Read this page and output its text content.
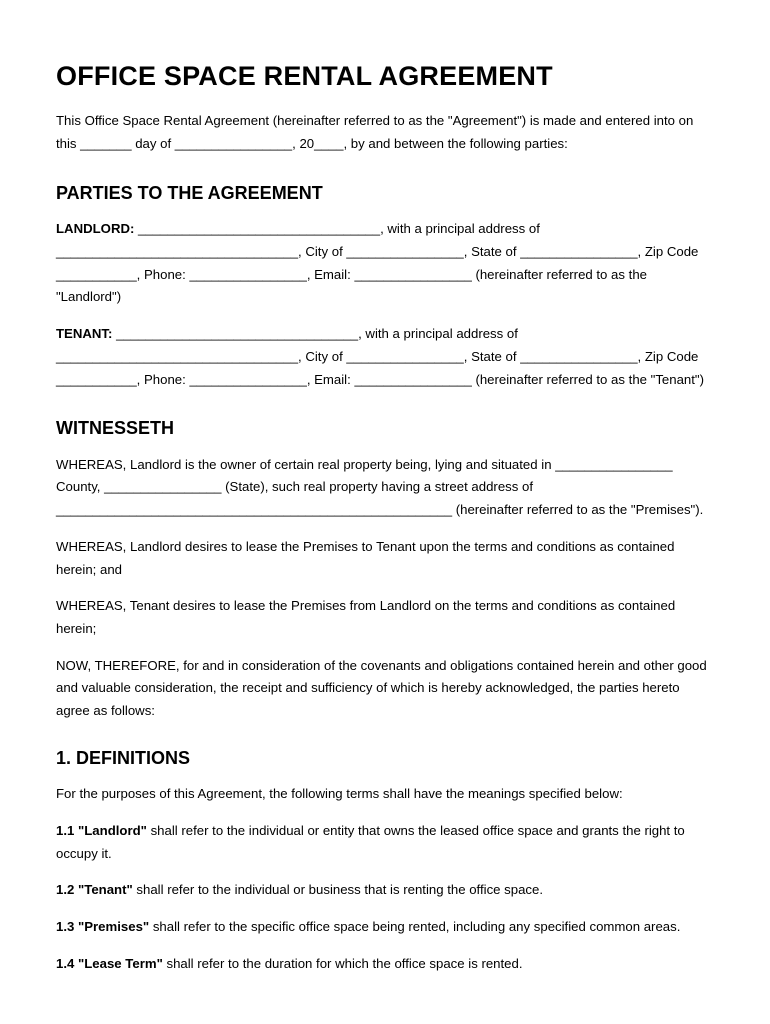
OFFICE SPACE RENTAL AGREEMENT

This Office Space Rental Agreement (hereinafter referred to as the "Agreement") is made and entered into on this _______ day of ________________, 20____, by and between the following parties:

PARTIES TO THE AGREEMENT
LANDLORD: _________________________________, with a principal address of _________________________________, City of ________________, State of ________________, Zip Code ___________, Phone: ________________, Email: ________________ (hereinafter referred to as the "Landlord")
TENANT: _________________________________, with a principal address of _________________________________, City of ________________, State of ________________, Zip Code ___________, Phone: ________________, Email: ________________ (hereinafter referred to as the "Tenant")
WITNESSETH

WHEREAS, Landlord is the owner of certain real property being, lying and situated in ________________ County, ________________ (State), such real property having a street address of ______________________________________________________ (hereinafter referred to as the "Premises").

WHEREAS, Landlord desires to lease the Premises to Tenant upon the terms and conditions as contained herein; and

WHEREAS, Tenant desires to lease the Premises from Landlord on the terms and conditions as contained herein;

NOW, THEREFORE, for and in consideration of the covenants and obligations contained herein and other good and valuable consideration, the receipt and sufficiency of which is hereby acknowledged, the parties hereto agree as follows:

1. DEFINITIONS

For the purposes of this Agreement, the following terms shall have the meanings specified below:

1.1 "Landlord" shall refer to the individual or entity that owns the leased office space and grants the right to occupy it.

1.2 "Tenant" shall refer to the individual or business that is renting the office space.

1.3 "Premises" shall refer to the specific office space being rented, including any specified common areas.

1.4 "Lease Term" shall refer to the duration for which the office space is rented.
